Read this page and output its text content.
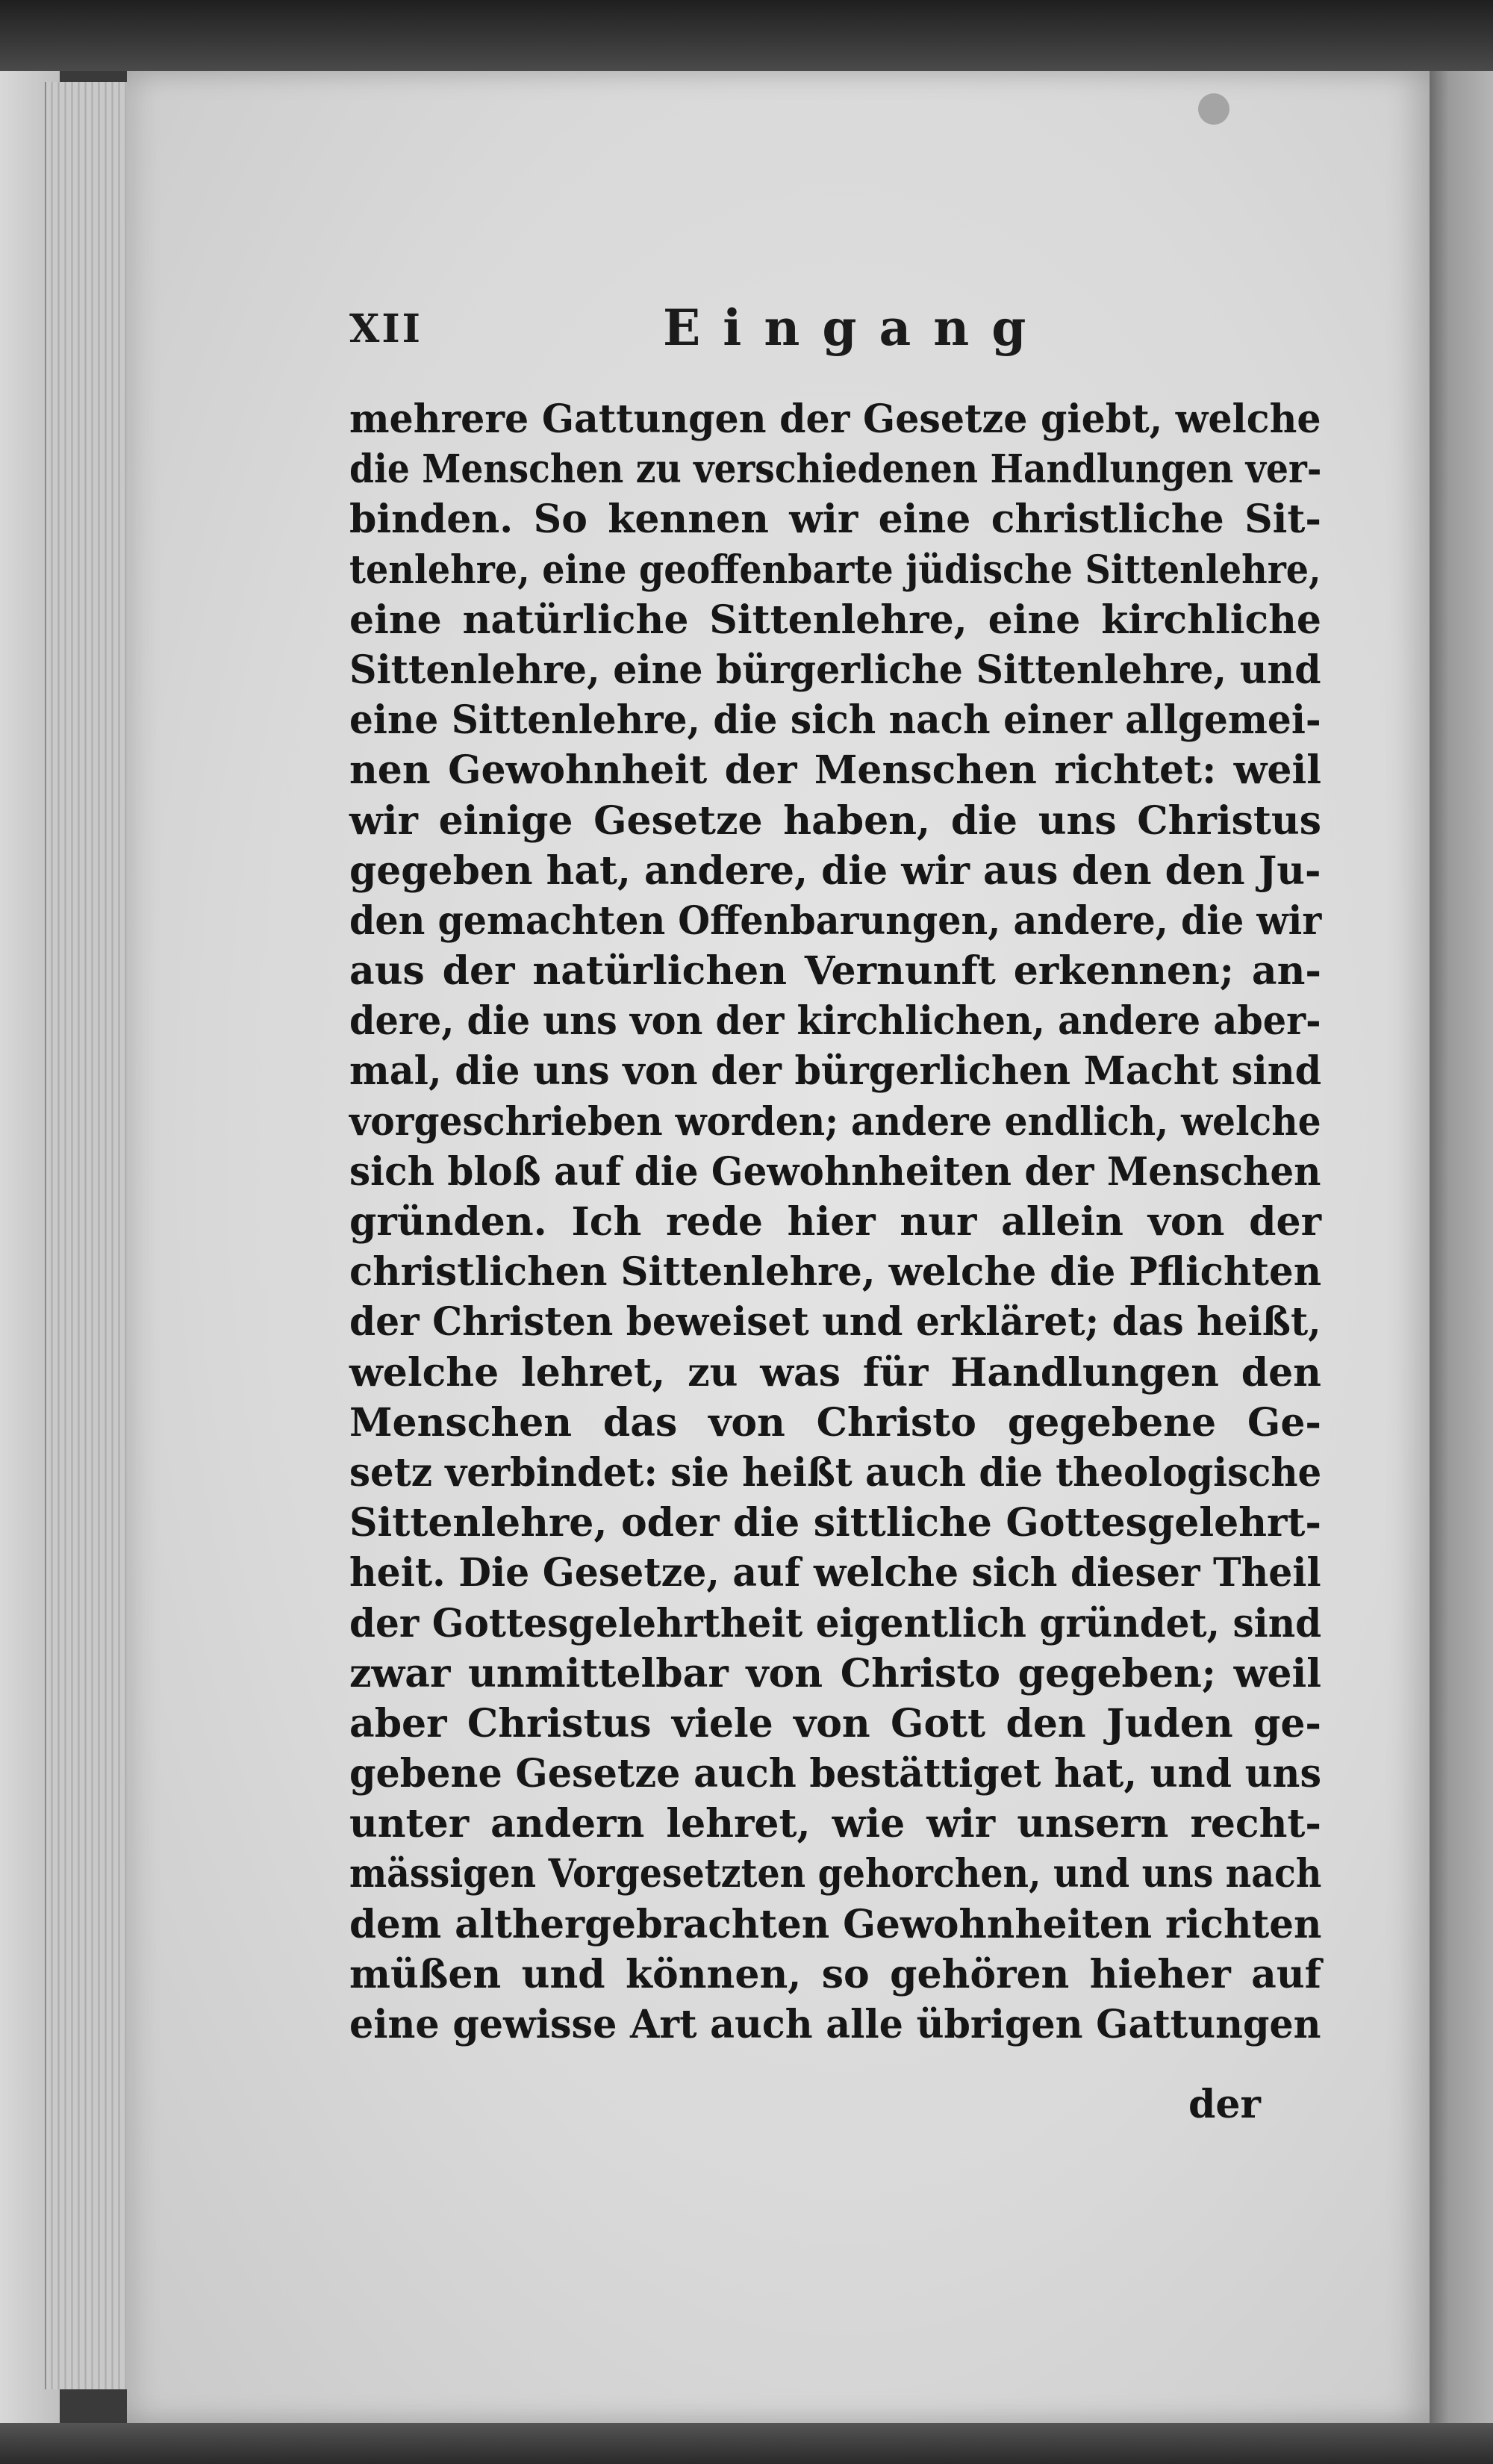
XII	Eingang
mehrere Gattungen der Gesetze giebt, welche
die Menschen zu verschiedenen Handlungen ver-
binden. So kennen wir eine christliche Sit-
tenlehre, eine geoffenbarte jüdische Sittenlehre,
eine natürliche Sittenlehre, eine kirchliche
Sittenlehre, eine bürgerliche Sittenlehre, und
eine Sittenlehre, die sich nach einer allgemei-
nen Gewohnheit der Menschen richtet: weil
wir einige Gesetze haben, die uns Christus
gegeben hat, andere, die wir aus den den Ju-
den gemachten Offenbarungen, andere, die wir
aus der natürlichen Vernunft erkennen; an-
dere, die uns von der kirchlichen, andere aber-
mal, die uns von der bürgerlichen Macht sind
vorgeschrieben worden; andere endlich, welche
sich bloß auf die Gewohnheiten der Menschen
gründen. Ich rede hier nur allein von der
christlichen Sittenlehre, welche die Pflichten
der Christen beweiset und erkläret; das heißt,
welche lehret, zu was für Handlungen den
Menschen das von Christo gegebene Ge-
setz verbindet: sie heißt auch die theologische
Sittenlehre, oder die sittliche Gottesgelehrt-
heit. Die Gesetze, auf welche sich dieser Theil
der Gottesgelehrtheit eigentlich gründet, sind
zwar unmittelbar von Christo gegeben; weil
aber Christus viele von Gott den Juden ge-
gebene Gesetze auch bestättiget hat, und uns
unter andern lehret, wie wir unsern recht-
mässigen Vorgesetzten gehorchen, und uns nach
dem althergebrachten Gewohnheiten richten
müßen und können, so gehören hieher auf
eine gewisse Art auch alle übrigen Gattungen
der
